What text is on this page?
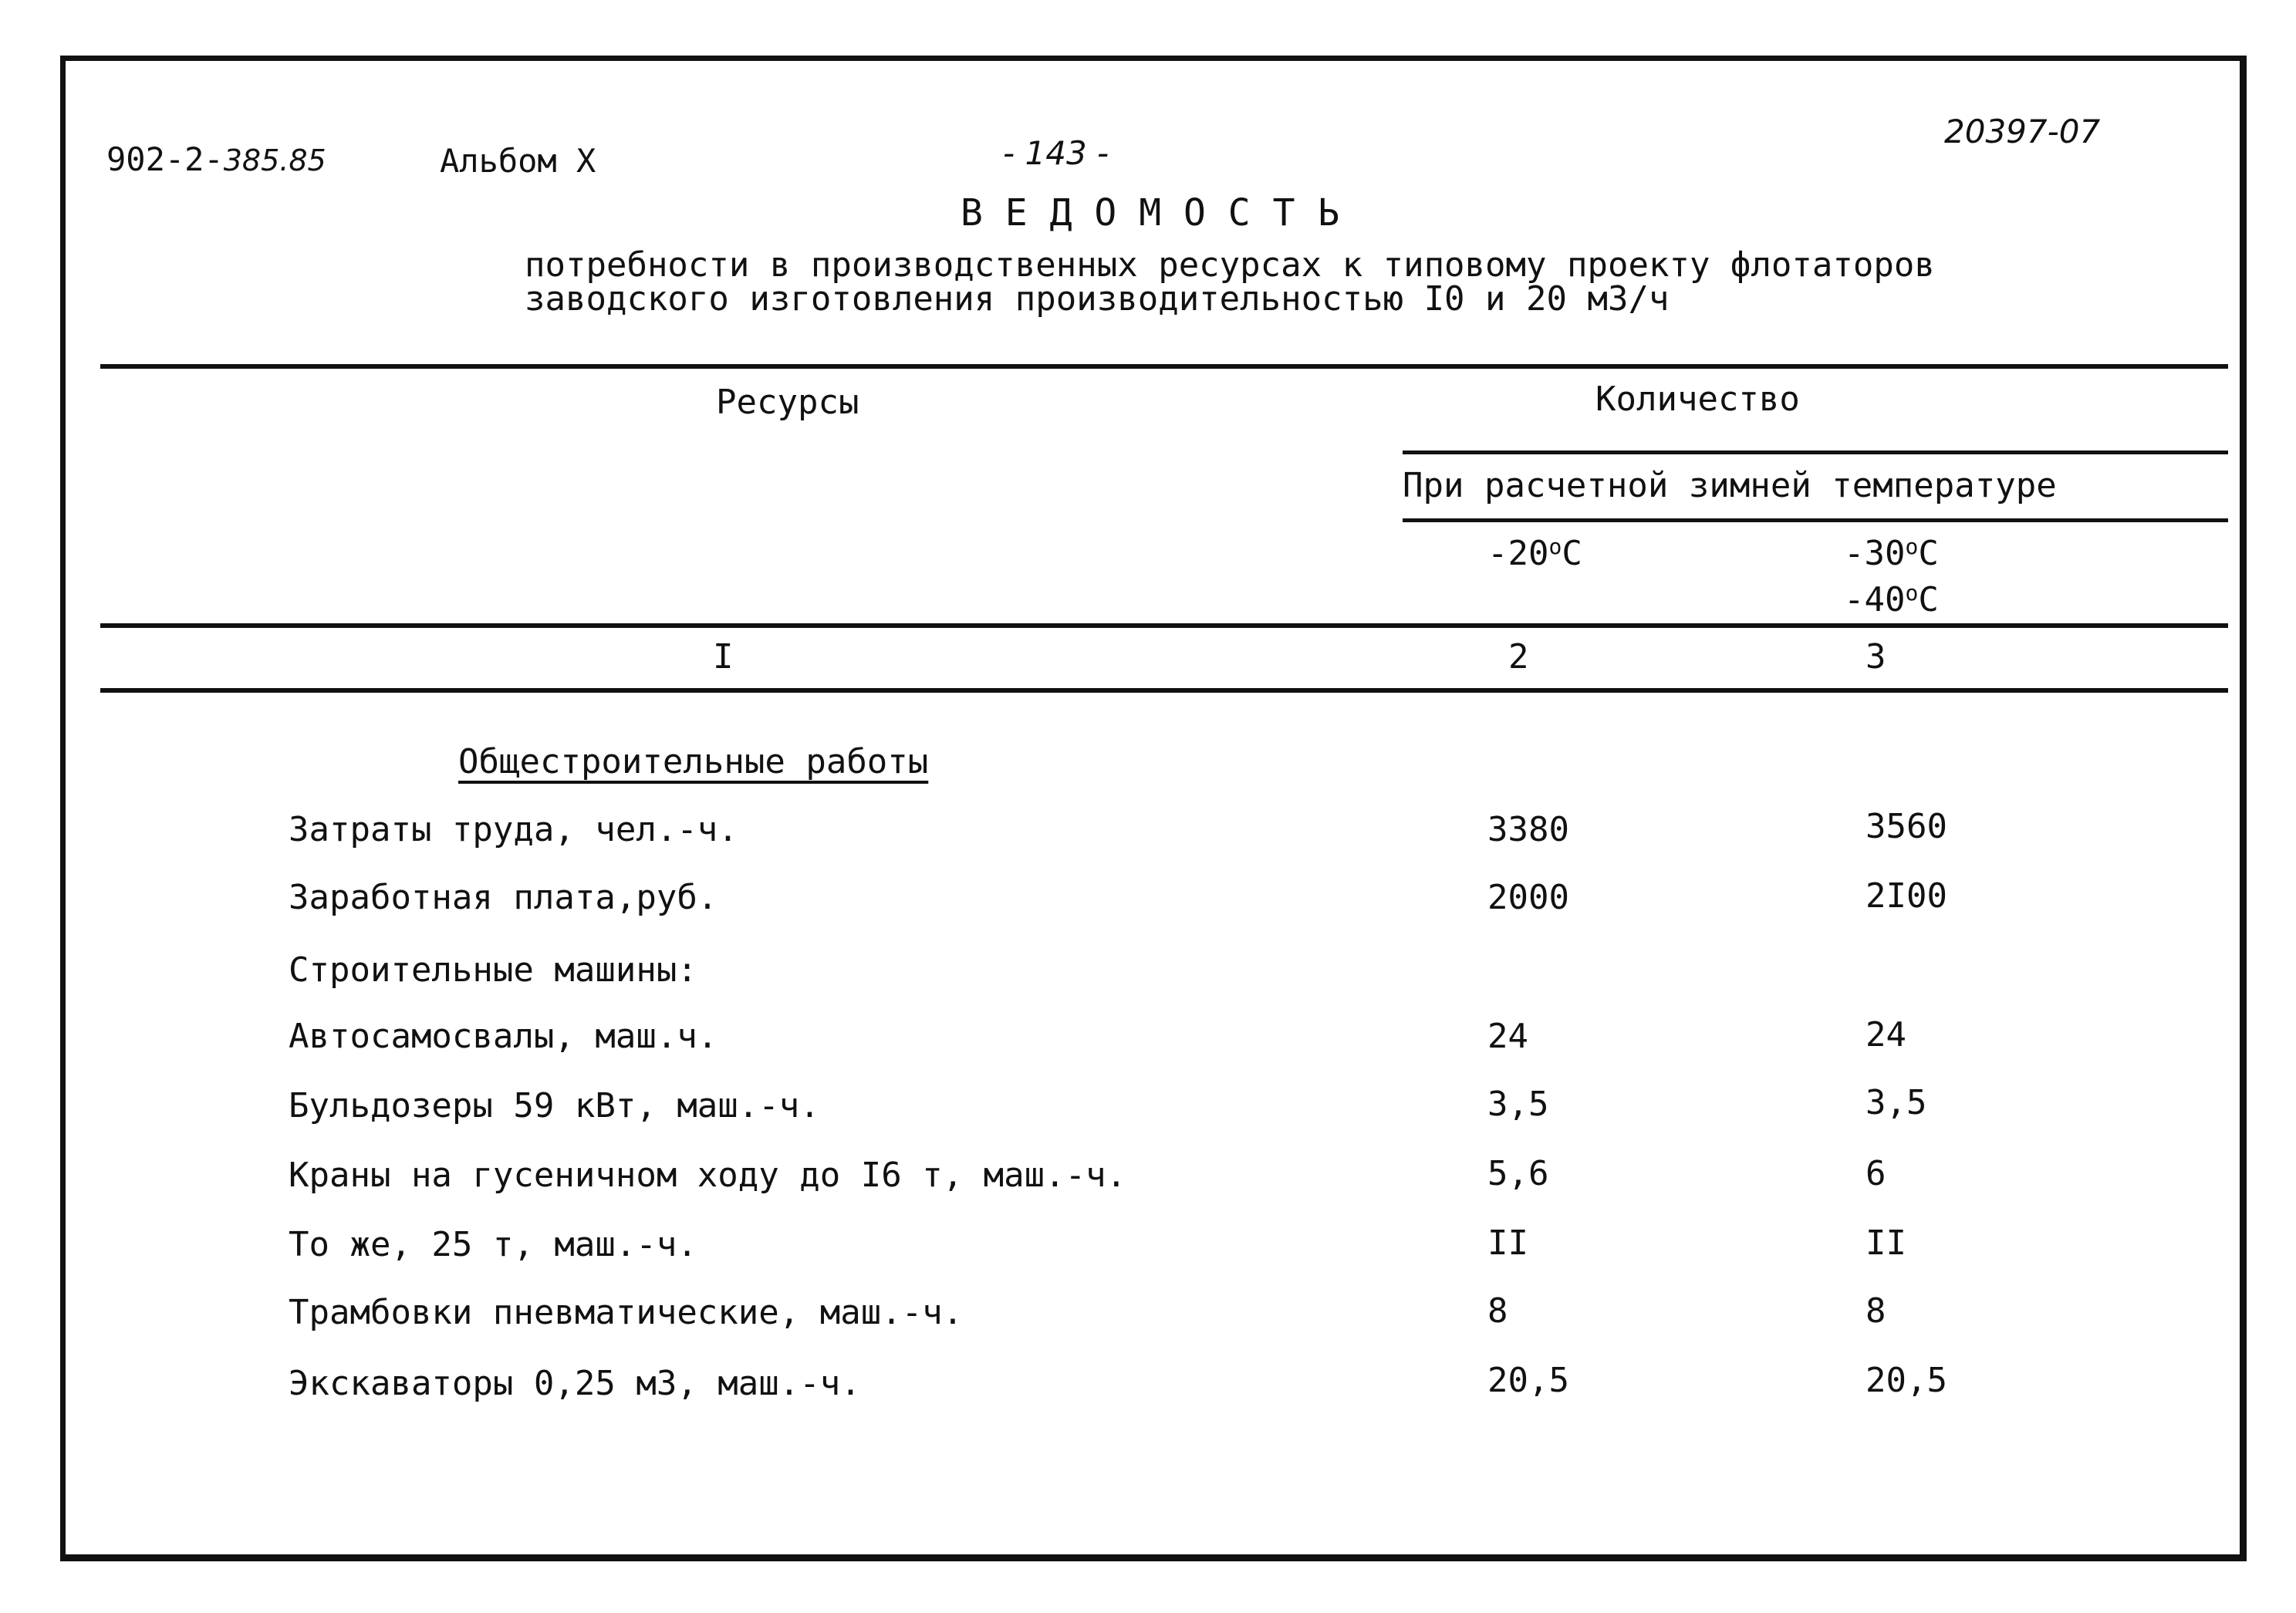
902-2-385.85	Альбом X	- 143 -
20397-07
В Е Д О М О С Т Ь
потребности в производственных ресурсах к типовому проекту флотаторов
заводского изготовления производительностью I0 и 20 м3/ч
Ресурсы	Количество
При расчетной зимней температуре
-20$^o$C	-30$^o$C
-40$^o$C
I	2	3
Общестроительные работы
Затраты труда, чел.-ч.	3380	3560
Заработная плата,руб.	2000	2I00
Строительные машины:
Автосамосвалы, маш.ч.	24	24
Бульдозеры 59 кВт, маш.-ч.	3,5	3,5
Краны на гусеничном ходу до I6 т, маш.-ч.	5,6	6
То же, 25 т, маш.-ч.	II	II
Трамбовки пневматические, маш.-ч.	8	8
Экскаваторы 0,25 м3, маш.-ч.	20,5	20,5
